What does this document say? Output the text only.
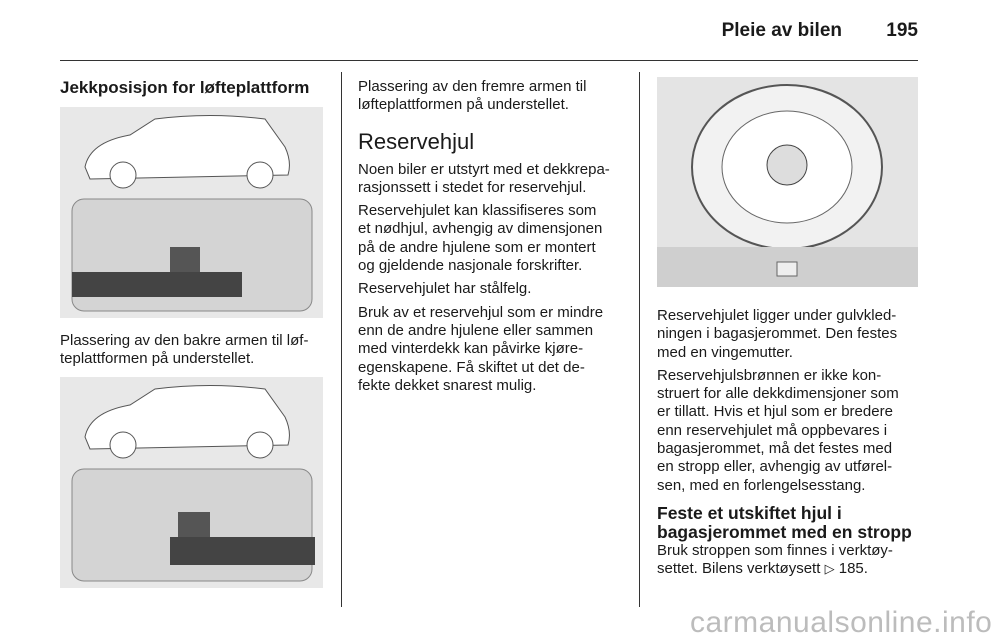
Pleie av bilen 195
Jekkposisjon for løfteplattform
Plassering av den bakre armen til løf-
teplattformen på understellet.

Plassering av den fremre armen til
løfteplattformen på understellet.

Reservehjul

Noen biler er utstyrt med et dekkrepa-
rasjonssett i stedet for reservehjul.

Reservehjulet kan klassifiseres som
et nødhjul, avhengig av dimensjonen
på de andre hjulene som er montert
og gjeldende nasjonale forskrifter.

Reservehjulet har stålfelg.

Bruk av et reservehjul som er mindre
enn de andre hjulene eller sammen
med vinterdekk kan påvirke kjøre-
egenskapene. Få skiftet ut det de-
fekte dekket snarest mulig.

Reservehjulet ligger under gulvkled-
ningen i bagasjerommet. Den festes
med en vingemutter.

Reservehjulsbrønnen er ikke kon-
struert for alle dekkdimensjoner som
er tillatt. Hvis et hjul som er bredere
enn reservehjulet må oppbevares i
bagasjerommet, må det festes med
en stropp eller, avhengig av utførel-
sen, med en forlengelsesstang.

Feste et utskiftet hjul i
bagasjerommet med en stropp

Bruk stroppen som finnes i verktøy-
settet. Bilens verktøysett ▷ 185.

carmanualsonline.info
